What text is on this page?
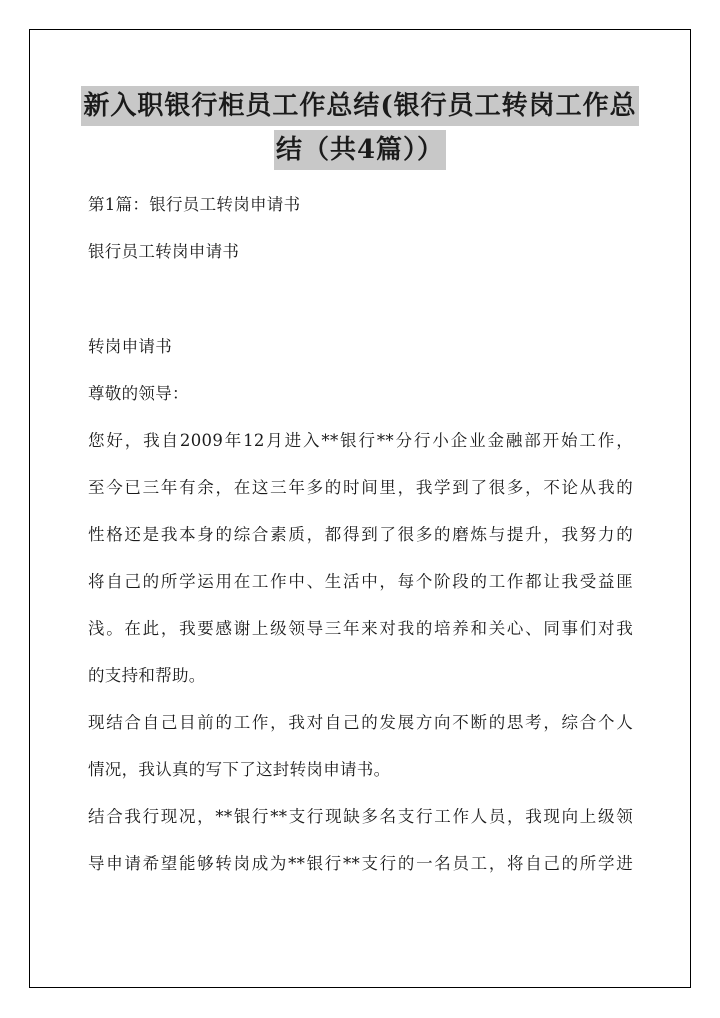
新入职银行柜员工作总结(银行员工转岗工作总
结（共4篇））
第1篇：银行员工转岗申请书
银行员工转岗申请书
转岗申请书
尊敬的领导：
您好，我自2009年12月进入**银行**分行小企业金融部开始工作，
至今已三年有余，在这三年多的时间里，我学到了很多，不论从我的
性格还是我本身的综合素质，都得到了很多的磨炼与提升，我努力的
将自己的所学运用在工作中、生活中，每个阶段的工作都让我受益匪
浅。在此，我要感谢上级领导三年来对我的培养和关心、同事们对我
的支持和帮助。
现结合自己目前的工作，我对自己的发展方向不断的思考，综合个人
情况，我认真的写下了这封转岗申请书。
结合我行现况，**银行**支行现缺多名支行工作人员，我现向上级领
导申请希望能够转岗成为**银行**支行的一名员工，将自己的所学进
